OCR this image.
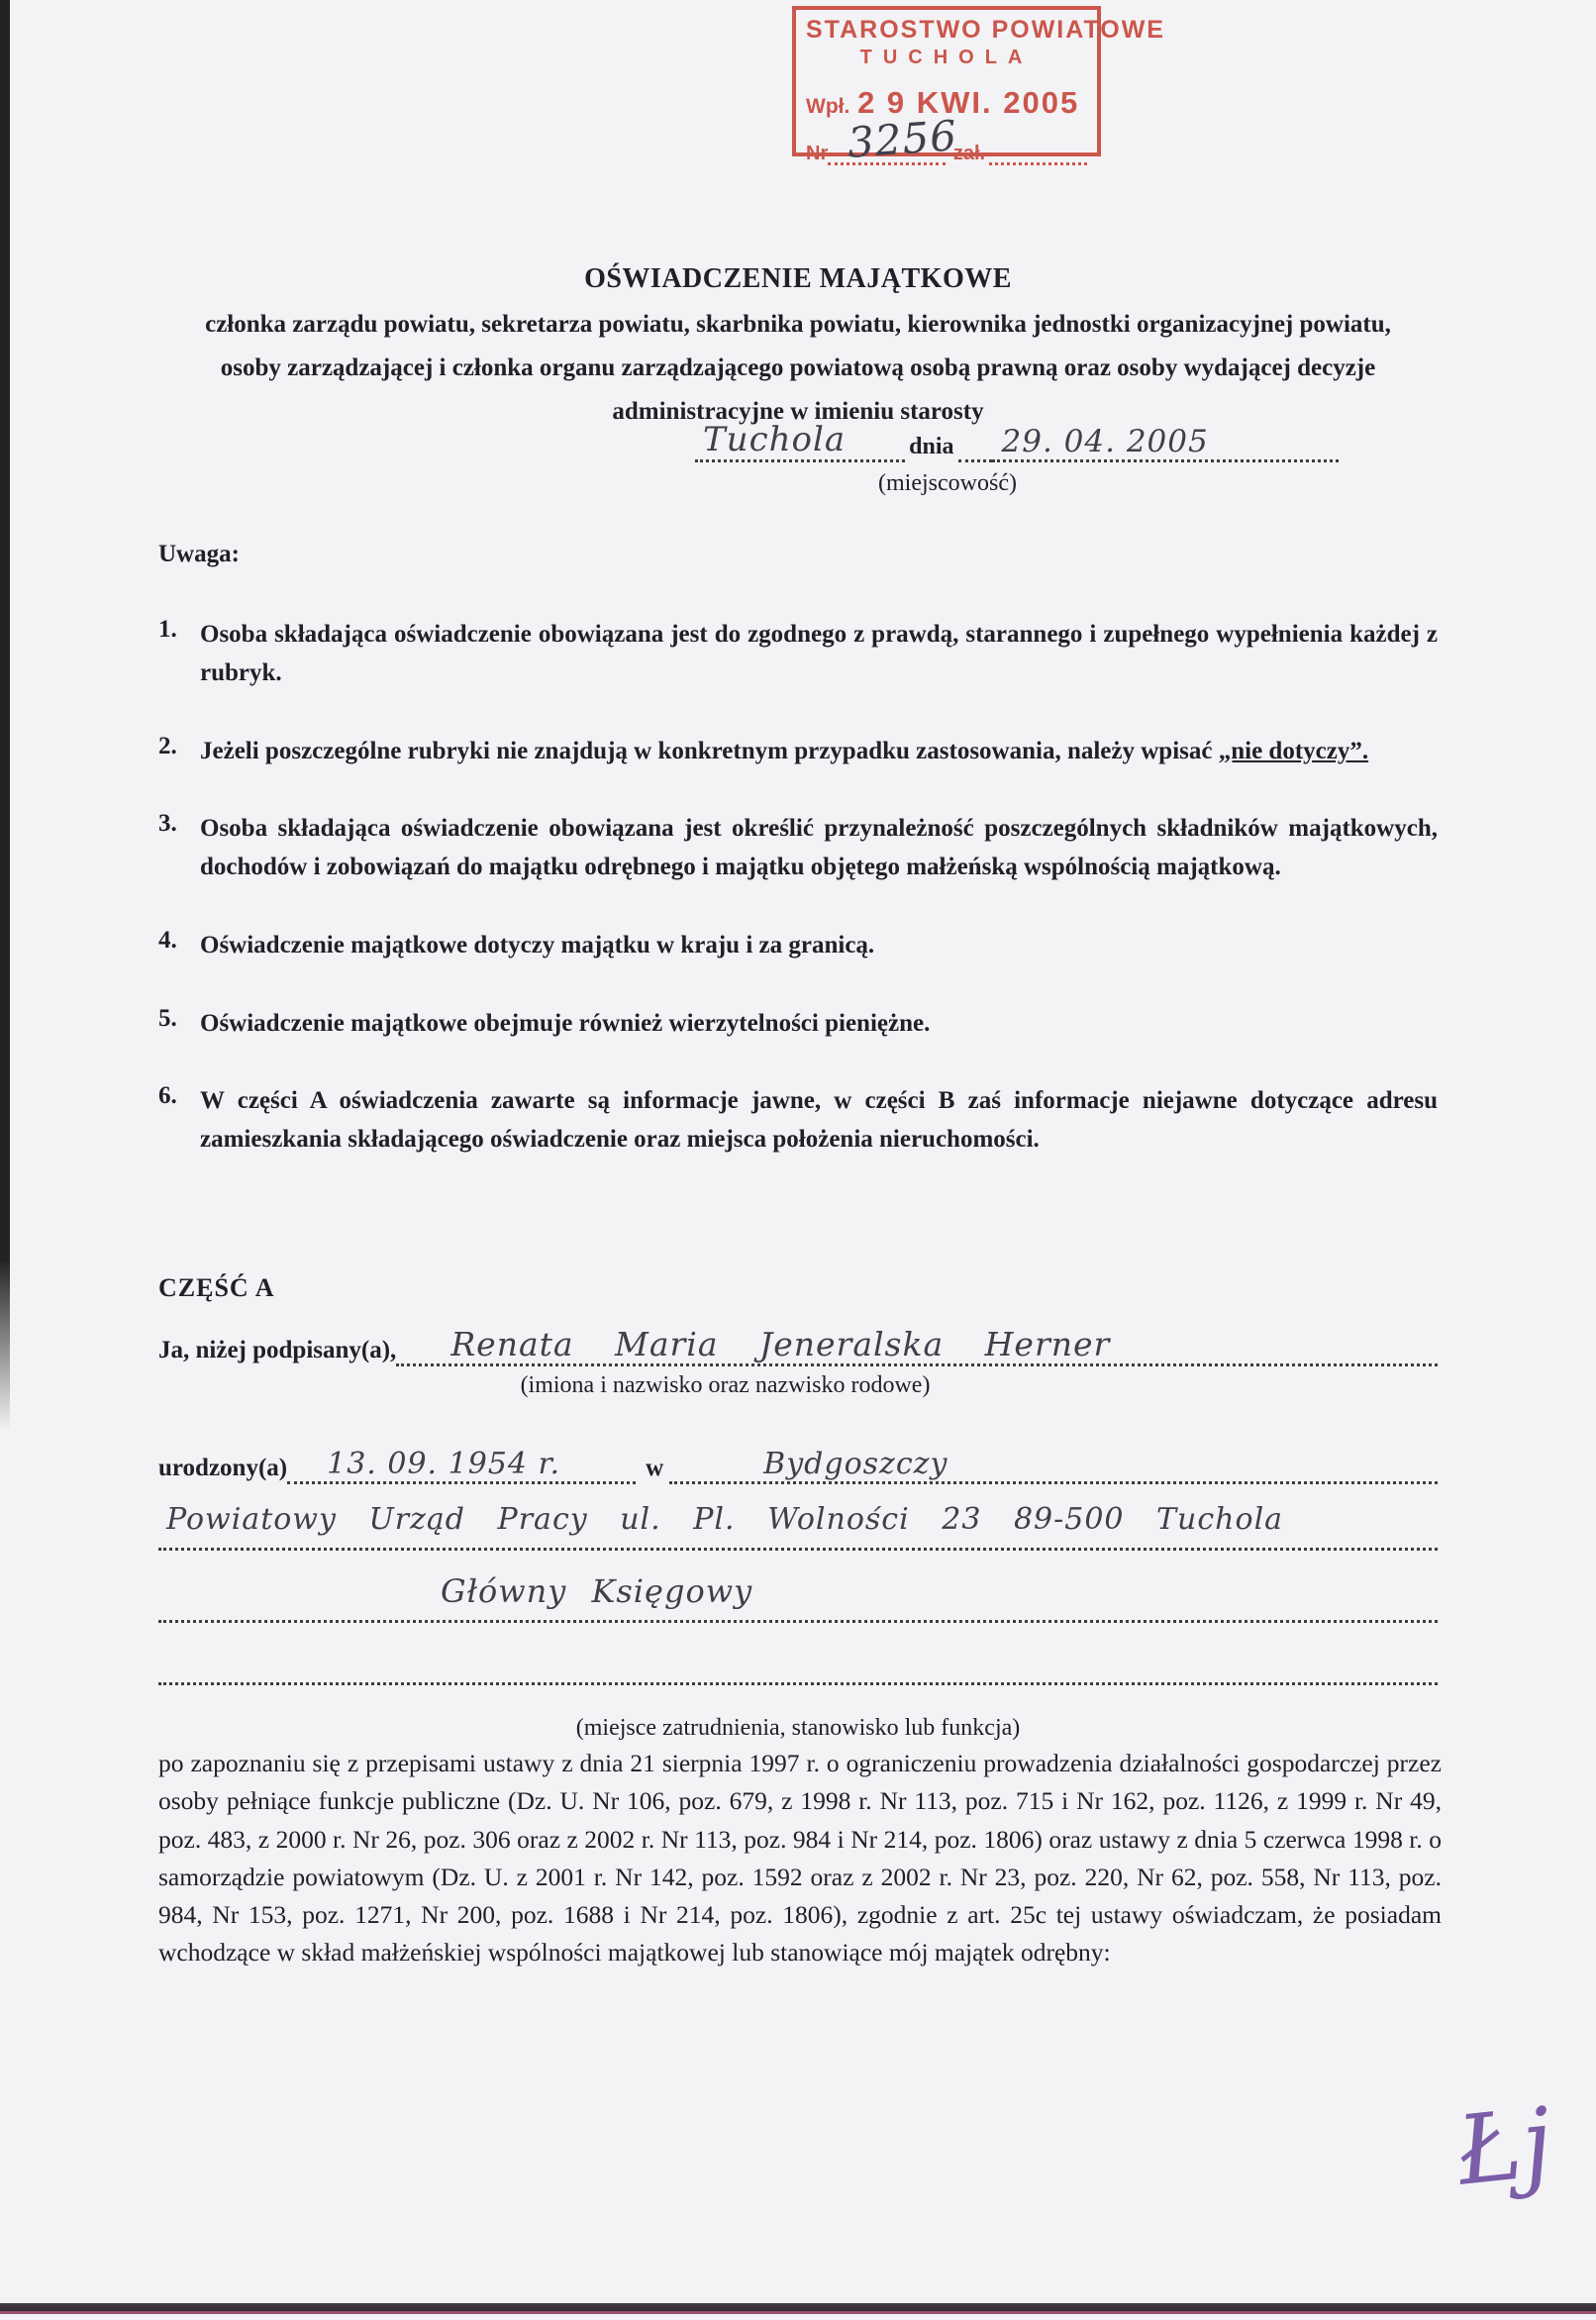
STAROSTWO POWIATOWE
TUCHOLA
Wpł. 2 9 KWI. 2005
Nr	zał.
3256
OŚWIADCZENIE MAJĄTKOWE
członka zarządu powiatu, sekretarza powiatu, skarbnika powiatu, kierownika jednostki organizacyjnej powiatu, osoby zarządzającej i członka organu zarządzającego powiatową osobą prawną oraz osoby wydającej decyzje administracyjne w imieniu starosty
Tuchola	dnia	29. 04. 2005
(miejscowość)
Uwaga:
1. Osoba składająca oświadczenie obowiązana jest do zgodnego z prawdą, starannego i zupełnego wypełnienia każdej z rubryk.
2. Jeżeli poszczególne rubryki nie znajdują w konkretnym przypadku zastosowania, należy wpisać „nie dotyczy”.
3. Osoba składająca oświadczenie obowiązana jest określić przynależność poszczególnych składników majątkowych, dochodów i zobowiązań do majątku odrębnego i majątku objętego małżeńską wspólnością majątkową.
4. Oświadczenie majątkowe dotyczy majątku w kraju i za granicą.
5. Oświadczenie majątkowe obejmuje również wierzytelności pieniężne.
6. W części A oświadczenia zawarte są informacje jawne, w części B zaś informacje niejawne dotyczące adresu zamieszkania składającego oświadczenie oraz miejsca położenia nieruchomości.
CZĘŚĆ A
Ja, niżej podpisany(a),	Renata Maria Jeneralska Herner
(imiona i nazwisko oraz nazwisko rodowe)
urodzony(a)	13. 09. 1954 r.	w	Bydgoszczy
Powiatowy Urząd Pracy ul. Pl. Wolności 23 89-500 Tuchola
Główny Księgowy
(miejsce zatrudnienia, stanowisko lub funkcja)
po zapoznaniu się z przepisami ustawy z dnia 21 sierpnia 1997 r. o ograniczeniu prowadzenia działalności gospodarczej przez osoby pełniące funkcje publiczne (Dz. U. Nr 106, poz. 679, z 1998 r. Nr 113, poz. 715 i Nr 162, poz. 1126, z 1999 r. Nr 49, poz. 483, z 2000 r. Nr 26, poz. 306 oraz z 2002 r. Nr 113, poz. 984 i Nr 214, poz. 1806) oraz ustawy z dnia 5 czerwca 1998 r. o samorządzie powiatowym (Dz. U. z 2001 r. Nr 142, poz. 1592 oraz z 2002 r. Nr 23, poz. 220, Nr 62, poz. 558, Nr 113, poz. 984, Nr 153, poz. 1271, Nr 200, poz. 1688 i Nr 214, poz. 1806), zgodnie z art. 25c tej ustawy oświadczam, że posiadam wchodzące w skład małżeńskiej wspólności majątkowej lub stanowiące mój majątek odrębny:
Łj
